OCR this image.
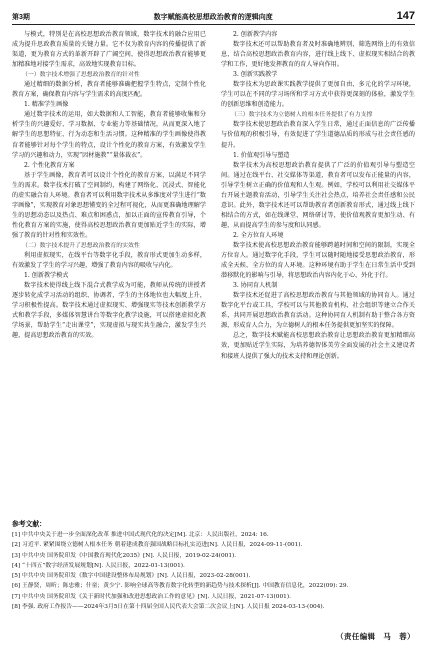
第3期	数字赋能高校思想政治教育的逻辑向度	147

与模式，特别是在高校思想政治教育领域，数字技术的融合应用已成为提升思政教育质量的关键力量。它不仅为教育内容的传播提供了新渠道，更为教育方式的革新开辟了广阔空间，使得思想政治教育能够更加精准地对接学生需求，高效地实现教育目标。

（一）数字技术增强了思想政治教育的针对性

通过精细的数据分析，教育者能够准确把握学生特点，定制个性化教育方案，确保教育内容与学生需求的高度匹配。

1. 精准学生画像

通过数字技术的运用，如大数据和人工智能，教育者能够收集和分析学生的兴趣爱好、学习数据、专业能力等基础情况，从而更深入地了解学生的思想特征、行为动态和生活习惯。这种精准的学生画像使得教育者能够针对每个学生的特点，设计个性化的教育方案，有效激发学生学习的兴趣和动力，实现“因材施教”“量体裁衣”。

2. 个性化教育方案

基于学生画像，教育者可以设计个性化的教育方案，以满足不同学生的需求。数字技术打破了空间制约，构建了网络化、沉浸式、智能化的虚实融合育人环境。教育者可以利用数字技术从多维度对学生进行“数字画像”，实现教育对象思想懂变的全过程可视化，从而更准确地理解学生的思想动态以及热点、难点和困惑点，加以正面的宣传教育引导，个性化教育方案的实施，使得高校思想政治教育更加贴近学生的实际，增强了教育的针对性和实效性。

（二）数字技术提升了思想政治教育的实效性

利用虚拟现实，在线平台等数字化手段，教育形式更加生动多样，有效激发了学生的学习兴趣，增强了教育内容的吸收与内化。

1. 创新教学模式

数字技术使得线上线下混合式教学成为可能，教师从传统的讲授者逐步转化成学习活动的组织、协调者，学生的主体地位也大幅度上升，学习积极性提高。数字技术通过虚拟现实、增强现实等技术创新教学方式和教学手段，多媒体智慧讲台等数字化教学设施，可以搭建虚拟化教学场景，帮助学生“走出课堂”，实现虚拟与现实共生融合，激发学生兴趣，提高思想政治教育的实效。

2. 创新教学内容

数字技术还可以帮助教育者及时准确地辨别、筛选网络上的有效信息，结合高校思想政治教育内容，进行线上线下、虚拟现实相结合的教学和工作，更好地发挥教育的育人导向作用。

3. 创新实践教学

数字技术为思政课实践教学提供了更加自由、多元化的学习环境，学生可以在不同的学习场所和学习方式中获得更深刻的体验，激发学生的创新思维和创造能力。

（三）数字技术为立德树人的根本任务提供了有力支撑

数字技术使思想政治教育深入学生日常，通过正面信息的广泛传播与价值观的积极引导，有效促进了学生道德品质的形成与社会责任感的提升。

1. 价值观引导与塑造

数字技术为高校思想政治教育提供了广泛的价值观引导与塑造空间。通过在线平台、社交媒体等渠道，教育者可以发布正能量的内容，引导学生树立正确的价值观和人生观。例如，学校可以利用社交媒体平台开展主题教育活动，引导学生关注社会热点，培养社会责任感和公民意识。此外，数字技术还可以帮助教育者创新教育形式，通过线上线下相结合的方式，如在线课堂、网络研讨等，使价值观教育更加生动、有趣，从而提高学生的参与度和认同感。

2. 全方位育人环境

数字技术使高校思想政治教育能够跨越时间和空间的限制，实现全方位育人。通过数字化手段，学生可以随时随地接受思想政治教育，形成全天候、全方位的育人环境。这种环境有助于学生在日常生活中受到潜移默化的影响与引导，将思想政治内容内化于心、外化于行。

3. 协同育人机制

数字技术还促进了高校思想政治教育与其他领域的协同育人。通过数字化平台或工具，学校可以与其他教育机构、社会组织等建立合作关系，共同开展思想政治教育活动。这种协同育人机制有助于整合各方资源，形成育人合力，为立德树人的根本任务提供更加坚实的保障。

总之，数字技术赋能高校思想政治教育让思想政治教育更加精细高效，更加贴近学生实际，为培养德智体美劳全面发展的社会主义建设者和接班人提供了强大的技术支持和理论创新。

参考文献：

[1] 中共中央关于进一步全面深化改革 推进中国式现代化的决定[M]. 北京：人民出版社，2024: 16.

[2] 习近平. 紧紧围绕立德树人根本任务 朝着建成教育强国战略目标扎实迈进[N]. 人民日报，2024-09-11-(001).

[3] 中共中央 国务院印发《中国教育现代化2035》[N]. 人民日报，2019-02-24(001).

[4] “十四五”数字经济发展规划[N]. 人民日报，2022-01-13(001).

[5] 中共中央 国务院印发《数字中国建设整体布局规划》[N]. 人民日报，2023-02-28(001).

[6] 王静贤，周昕；陈忠雅；什童；黄少宁. 影响全球高等教育数字化转型的新趋势与技术探析[J]. 中国教育信息化，2022(09): 29.

[7] 中共中央 国务院印发《关于新时代加强和改进思想政治工作的意见》[N]. 人民日报，2021-07-13(001).

[8] 李强. 政府工作报告——2024年3月5日在第十四届全国人民代表大会第二次会议上[N]. 人民日报 2024-03-13-(004).

（责任编辑　马　蓉）
